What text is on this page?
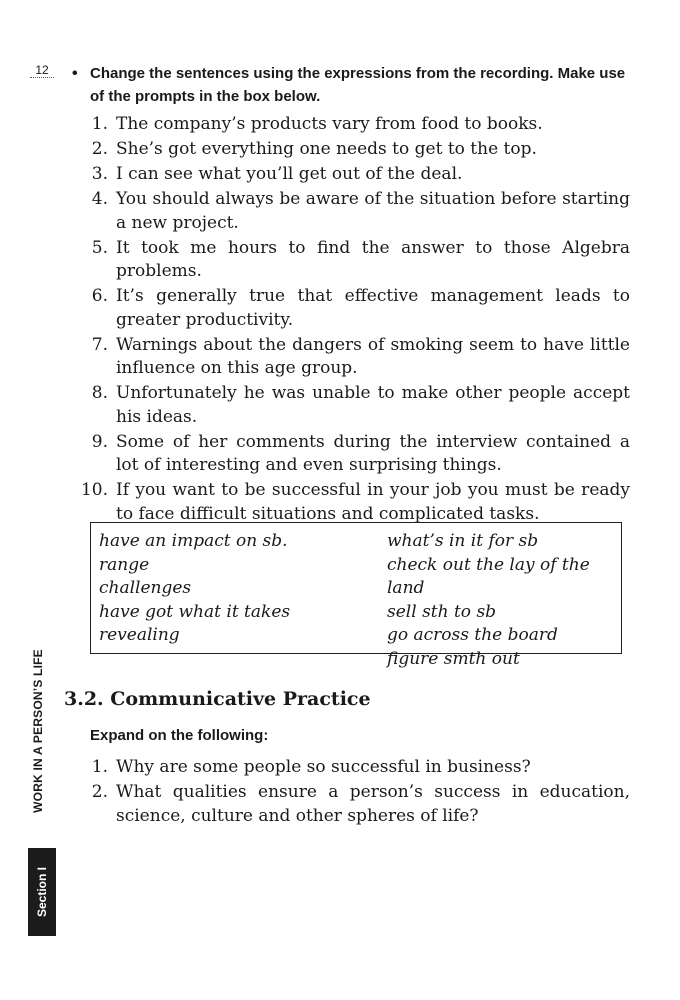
12	• Change the sentences using the expressions from the recording. Make use of the prompts in the box below.
1. The company’s products vary from food to books.
2. She’s got everything one needs to get to the top.
3. I can see what you’ll get out of the deal.
4. You should always be aware of the situation before starting a new project.
5. It took me hours to find the answer to those Algebra problems.
6. It’s generally true that effective management leads to greater productivity.
7. Warnings about the dangers of smoking seem to have little influence on this age group.
8. Unfortunately he was unable to make other people accept his ideas.
9. Some of her comments during the interview contained a lot of interesting and even surprising things.
10. If you want to be successful in your job you must be ready to face difficult situations and complicated tasks.
have an impact on sb.
range
challenges
have got what it takes
revealing
what’s in it for sb
check out the lay of the land
sell sth to sb
go across the board
figure smth out
3.2. Communicative Practice
Expand on the following:
1. Why are some people so successful in business?
2. What qualities ensure a person’s success in education, science, culture and other spheres of life?
WORK IN A PERSON’S LIFE
Section I
